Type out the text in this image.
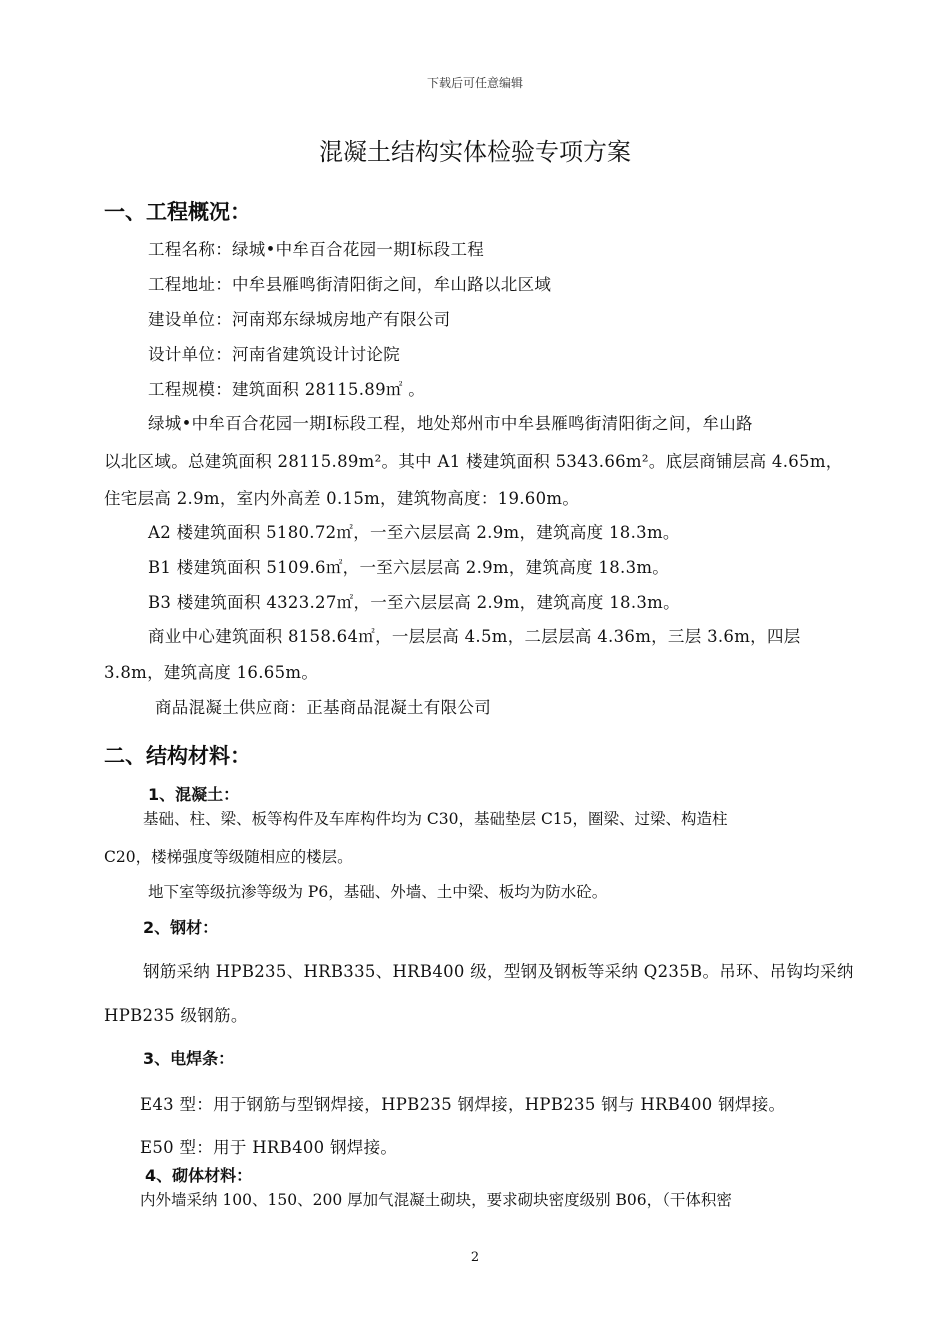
下载后可任意编辑
混凝土结构实体检验专项方案
一、工程概况：
工程名称：绿城•中牟百合花园一期Ⅰ标段工程
工程地址：中牟县雁鸣街清阳街之间，牟山路以北区域
建设单位：河南郑东绿城房地产有限公司
设计单位：河南省建筑设计讨论院
工程规模：建筑面积 28115.89㎡ 。
绿城•中牟百合花园一期Ⅰ标段工程，地处郑州市中牟县雁鸣街清阳街之间，牟山路
以北区域。总建筑面积 28115.89m²。其中 A1 楼建筑面积 5343.66m²。底层商铺层高 4.65m，
住宅层高 2.9m，室内外高差 0.15m，建筑物高度：19.60m。
A2 楼建筑面积 5180.72㎡，一至六层层高 2.9m，建筑高度 18.3m。
B1 楼建筑面积 5109.6㎡，一至六层层高 2.9m，建筑高度 18.3m。
B3 楼建筑面积 4323.27㎡，一至六层层高 2.9m，建筑高度 18.3m。
商业中心建筑面积 8158.64㎡，一层层高 4.5m，二层层高 4.36m，三层 3.6m，四层
3.8m，建筑高度 16.65m。
商品混凝土供应商：正基商品混凝土有限公司
二、结构材料：
1、混凝土：
基础、柱、梁、板等构件及车库构件均为 C30，基础垫层 C15，圈梁、过梁、构造柱
C20，楼梯强度等级随相应的楼层。
地下室等级抗渗等级为 P6，基础、外墙、土中梁、板均为防水砼。
2、钢材：
钢筋采纳 HPB235、HRB335、HRB400 级，型钢及钢板等采纳 Q235B。吊环、吊钩均采纳
HPB235 级钢筋。
3、电焊条：
E43 型：用于钢筋与型钢焊接，HPB235 钢焊接，HPB235 钢与 HRB400 钢焊接。
E50 型：用于 HRB400 钢焊接。
4、砌体材料：
内外墙采纳 100、150、200 厚加气混凝土砌块，要求砌块密度级别 B06，（干体积密
2
